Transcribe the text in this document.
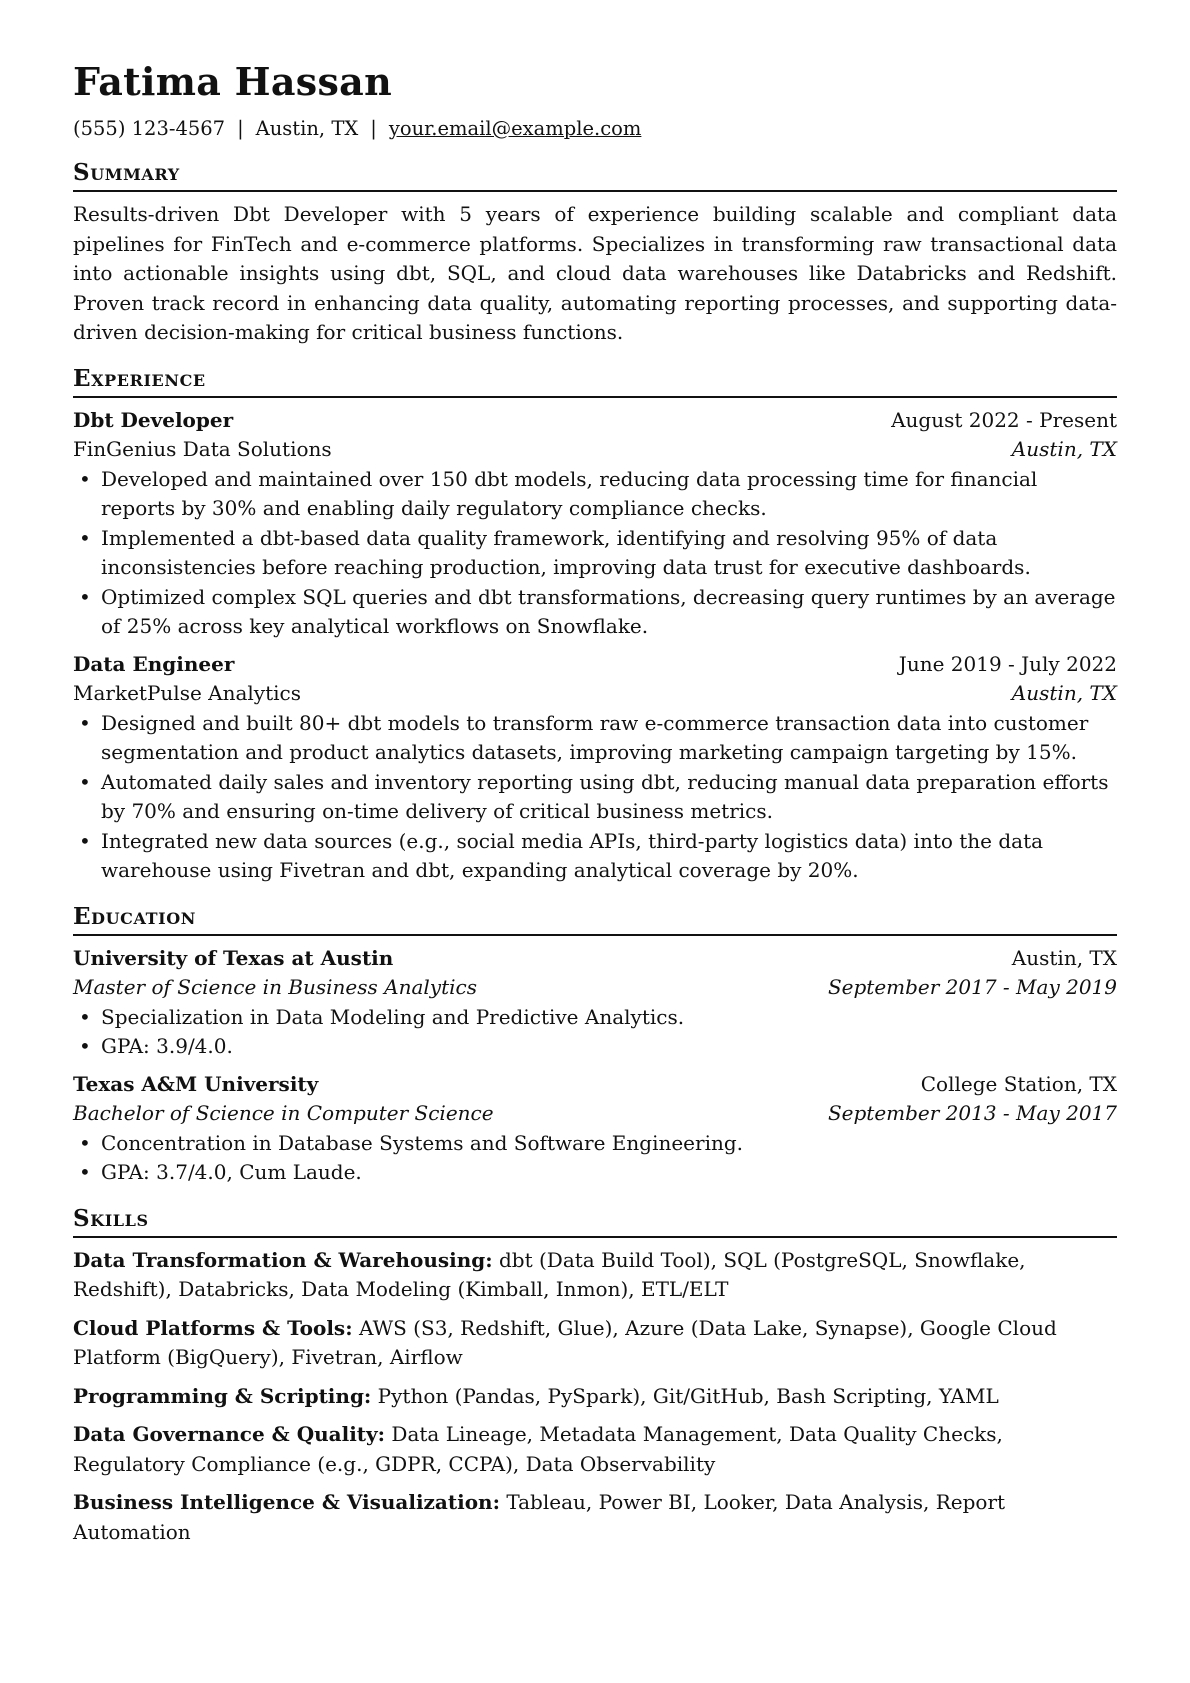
Fatima Hassan
(555) 123-4567 | Austin, TX | your.email@example.com
Summary

Results-driven Dbt Developer with 5 years of experience building scalable and compliant data pipelines for FinTech and e-commerce platforms. Specializes in transforming raw transactional data into actionable insights using dbt, SQL, and cloud data warehouses like Databricks and Redshift. Proven track record in enhancing data quality, automating reporting processes, and supporting data-driven decision-making for critical business functions.

Experience
Dbt Developer	August 2022 - Present
FinGenius Data Solutions	Austin, TX
• Developed and maintained over 150 dbt models, reducing data processing time for financial reports by 30% and enabling daily regulatory compliance checks.
• Implemented a dbt-based data quality framework, identifying and resolving 95% of data inconsistencies before reaching production, improving data trust for executive dashboards.
• Optimized complex SQL queries and dbt transformations, decreasing query runtimes by an average of 25% across key analytical workflows on Snowflake.
Data Engineer	June 2019 - July 2022
MarketPulse Analytics	Austin, TX
• Designed and built 80+ dbt models to transform raw e-commerce transaction data into customer segmentation and product analytics datasets, improving marketing campaign targeting by 15%.
• Automated daily sales and inventory reporting using dbt, reducing manual data preparation efforts by 70% and ensuring on-time delivery of critical business metrics.
• Integrated new data sources (e.g., social media APIs, third-party logistics data) into the data warehouse using Fivetran and dbt, expanding analytical coverage by 20%.
Education
University of Texas at Austin	Austin, TX
Master of Science in Business Analytics	September 2017 - May 2019
• Specialization in Data Modeling and Predictive Analytics.
• GPA: 3.9/4.0.
Texas A&M University	College Station, TX
Bachelor of Science in Computer Science	September 2013 - May 2017
• Concentration in Database Systems and Software Engineering.
• GPA: 3.7/4.0, Cum Laude.
Skills
Data Transformation & Warehousing: dbt (Data Build Tool), SQL (PostgreSQL, Snowflake, Redshift), Databricks, Data Modeling (Kimball, Inmon), ETL/ELT
Cloud Platforms & Tools: AWS (S3, Redshift, Glue), Azure (Data Lake, Synapse), Google Cloud Platform (BigQuery), Fivetran, Airflow
Programming & Scripting: Python (Pandas, PySpark), Git/GitHub, Bash Scripting, YAML
Data Governance & Quality: Data Lineage, Metadata Management, Data Quality Checks, Regulatory Compliance (e.g., GDPR, CCPA), Data Observability
Business Intelligence & Visualization: Tableau, Power BI, Looker, Data Analysis, Report Automation
